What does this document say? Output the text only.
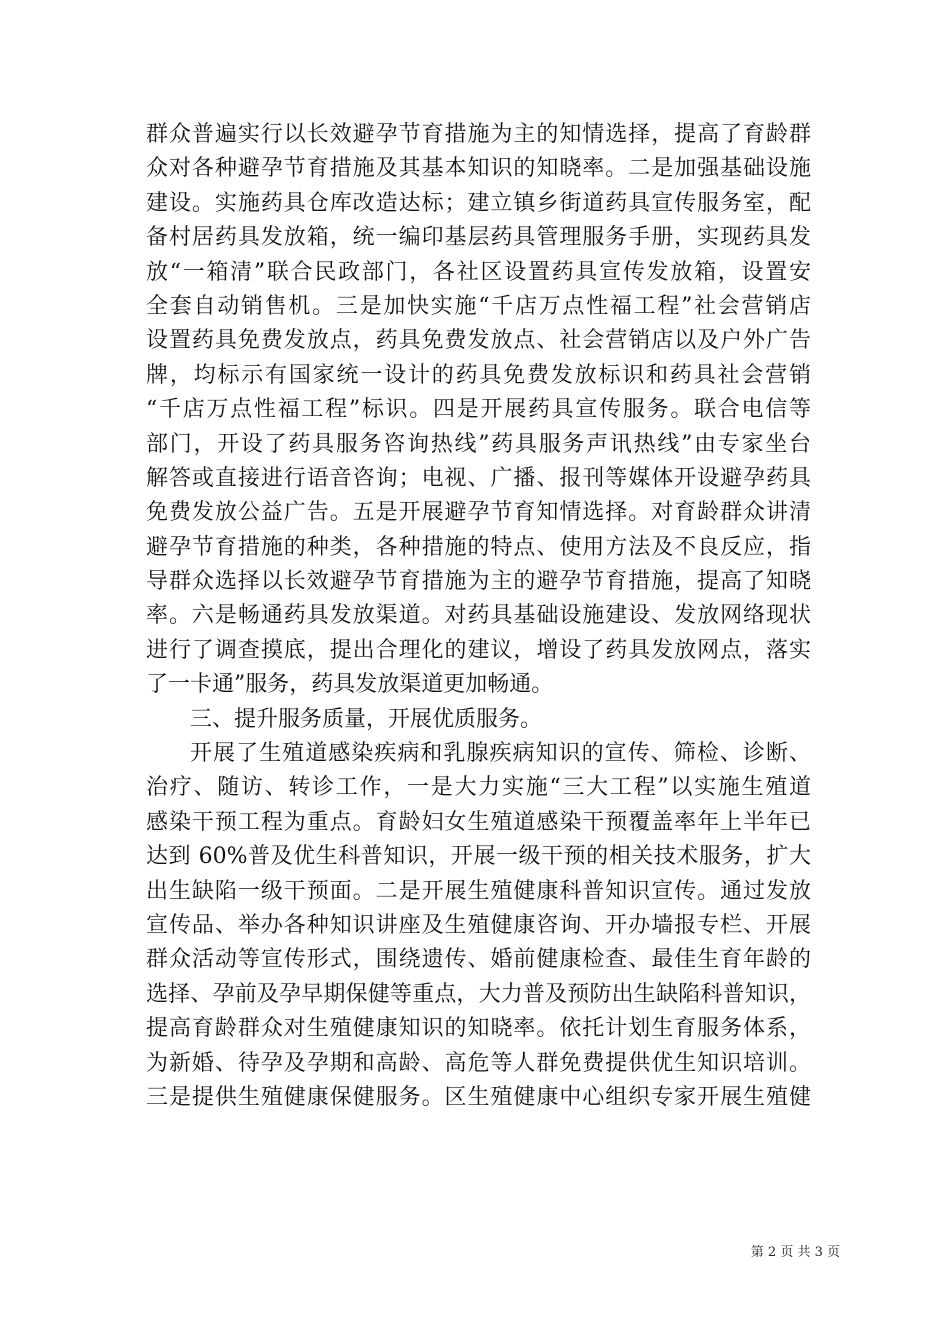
群众普遍实行以长效避孕节育措施为主的知情选择，提高了育龄群
众对各种避孕节育措施及其基本知识的知晓率。二是加强基础设施
建设。实施药具仓库改造达标；建立镇乡街道药具宣传服务室，配
备村居药具发放箱，统一编印基层药具管理服务手册，实现药具发
放“一箱清”联合民政部门，各社区设置药具宣传发放箱，设置安
全套自动销售机。三是加快实施“千店万点性福工程”社会营销店
设置药具免费发放点，药具免费发放点、社会营销店以及户外广告
牌，均标示有国家统一设计的药具免费发放标识和药具社会营销
“千店万点性福工程”标识。四是开展药具宣传服务。联合电信等
部门，开设了药具服务咨询热线”药具服务声讯热线”由专家坐台
解答或直接进行语音咨询；电视、广播、报刊等媒体开设避孕药具
免费发放公益广告。五是开展避孕节育知情选择。对育龄群众讲清
避孕节育措施的种类，各种措施的特点、使用方法及不良反应，指
导群众选择以长效避孕节育措施为主的避孕节育措施，提高了知晓
率。六是畅通药具发放渠道。对药具基础设施建设、发放网络现状
进行了调查摸底，提出合理化的建议，增设了药具发放网点，落实
了一卡通”服务，药具发放渠道更加畅通。
三、提升服务质量，开展优质服务。
开展了生殖道感染疾病和乳腺疾病知识的宣传、筛检、诊断、
治疗、随访、转诊工作，一是大力实施“三大工程”以实施生殖道
感染干预工程为重点。育龄妇女生殖道感染干预覆盖率年上半年已
达到 60%普及优生科普知识，开展一级干预的相关技术服务，扩大
出生缺陷一级干预面。二是开展生殖健康科普知识宣传。通过发放
宣传品、举办各种知识讲座及生殖健康咨询、开办墙报专栏、开展
群众活动等宣传形式，围绕遗传、婚前健康检查、最佳生育年龄的
选择、孕前及孕早期保健等重点，大力普及预防出生缺陷科普知识，
提高育龄群众对生殖健康知识的知晓率。依托计划生育服务体系，
为新婚、待孕及孕期和高龄、高危等人群免费提供优生知识培训。
三是提供生殖健康保健服务。区生殖健康中心组织专家开展生殖健
第 2 页 共 3 页
